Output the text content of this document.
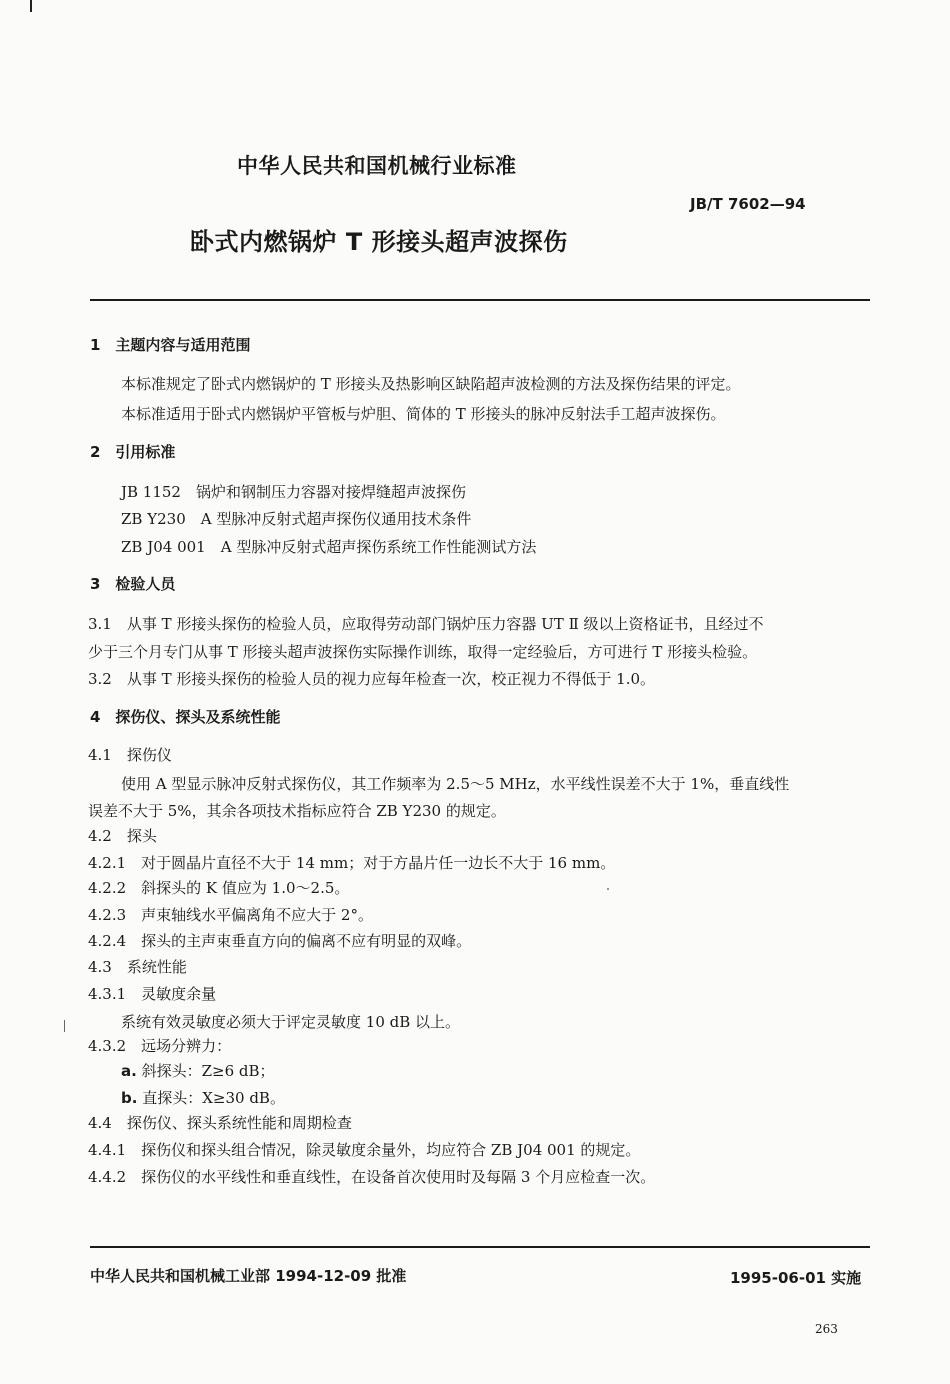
中华人民共和国机械行业标准
JB/T 7602—94
卧式内燃锅炉 T 形接头超声波探伤
1　主题内容与适用范围
本标准规定了卧式内燃锅炉的 T 形接头及热影响区缺陷超声波检测的方法及探伤结果的评定。
本标准适用于卧式内燃锅炉平管板与炉胆、简体的 T 形接头的脉冲反射法手工超声波探伤。
2　引用标准
JB 1152　锅炉和钢制压力容器对接焊缝超声波探伤
ZB Y230　A 型脉冲反射式超声探伤仪通用技术条件
ZB J04 001　A 型脉冲反射式超声探伤系统工作性能测试方法
3　检验人员
3.1　从事 T 形接头探伤的检验人员，应取得劳动部门锅炉压力容器 UT Ⅱ 级以上资格证书，且经过不
少于三个月专门从事 T 形接头超声波探伤实际操作训练，取得一定经验后，方可进行 T 形接头检验。
3.2　从事 T 形接头探伤的检验人员的视力应每年检查一次，校正视力不得低于 1.0。
4　探伤仪、探头及系统性能
4.1　探伤仪
使用 A 型显示脉冲反射式探伤仪，其工作频率为 2.5～5 MHz，水平线性误差不大于 1%，垂直线性
误差不大于 5%，其余各项技术指标应符合 ZB Y230 的规定。
4.2　探头
4.2.1　对于圆晶片直径不大于 14 mm；对于方晶片任一边长不大于 16 mm。
4.2.2　斜探头的 K 值应为 1.0～2.5。
4.2.3　声束轴线水平偏离角不应大于 2°。
4.2.4　探头的主声束垂直方向的偏离不应有明显的双峰。
4.3　系统性能
4.3.1　灵敏度余量
系统有效灵敏度必须大于评定灵敏度 10 dB 以上。
4.3.2　远场分辨力：
a. 斜探头：Z≥6 dB；
b. 直探头：X≥30 dB。
4.4　探伤仪、探头系统性能和周期检查
4.4.1　探伤仪和探头组合情况，除灵敏度余量外，均应符合 ZB J04 001 的规定。
4.4.2　探伤仪的水平线性和垂直线性，在设备首次使用时及每隔 3 个月应检查一次。
中华人民共和国机械工业部 1994-12-09 批准	1995-06-01 实施
263
